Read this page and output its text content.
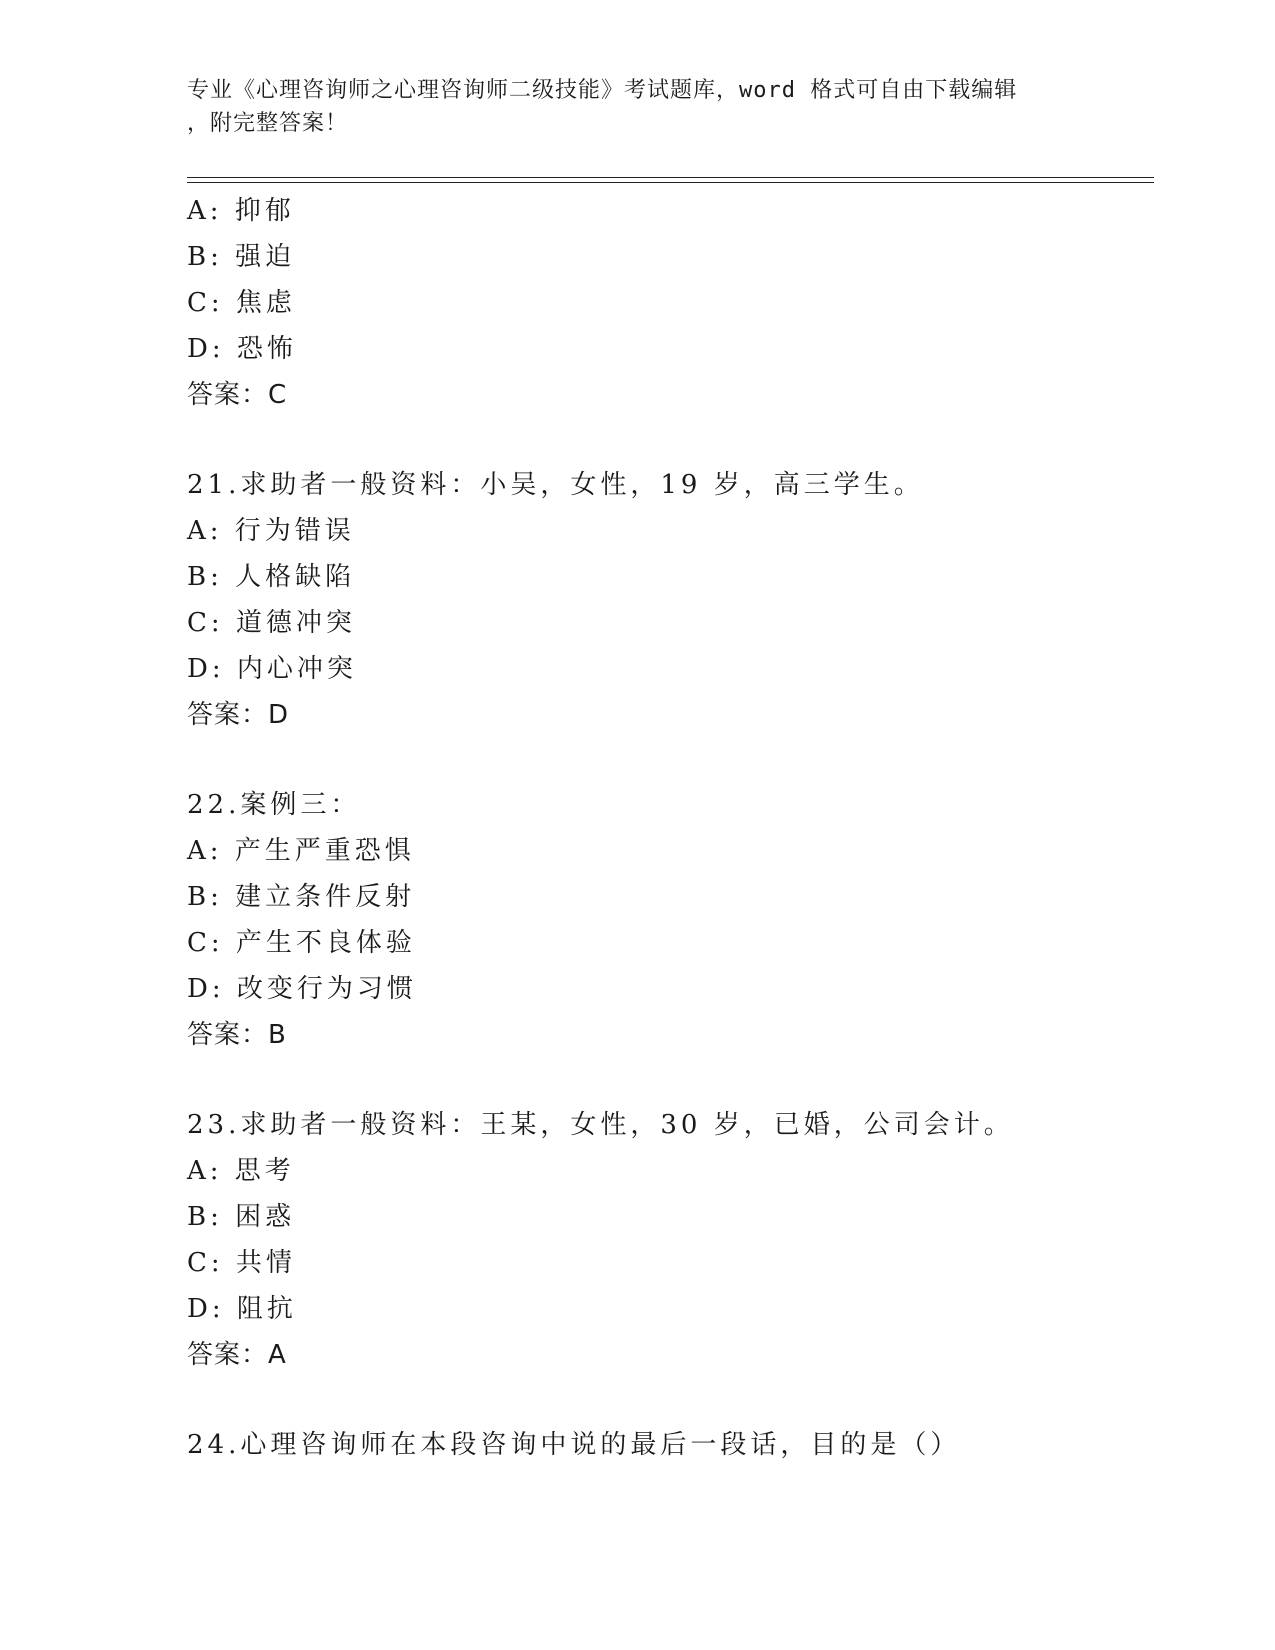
专业《心理咨询师之心理咨询师二级技能》考试题库，word 格式可自由下载编辑
，附完整答案！
A: 抑郁
B: 强迫
C: 焦虑
D: 恐怖
答案：C
21.求助者一般资料：小吴，女性，19 岁，高三学生。
A: 行为错误
B: 人格缺陷
C: 道德冲突
D: 内心冲突
答案：D
22.案例三：
A: 产生严重恐惧
B: 建立条件反射
C: 产生不良体验
D: 改变行为习惯
答案：B
23.求助者一般资料：王某，女性，30 岁，已婚，公司会计。
A: 思考
B: 困惑
C: 共情
D: 阻抗
答案：A
24.心理咨询师在本段咨询中说的最后一段话，目的是（）
